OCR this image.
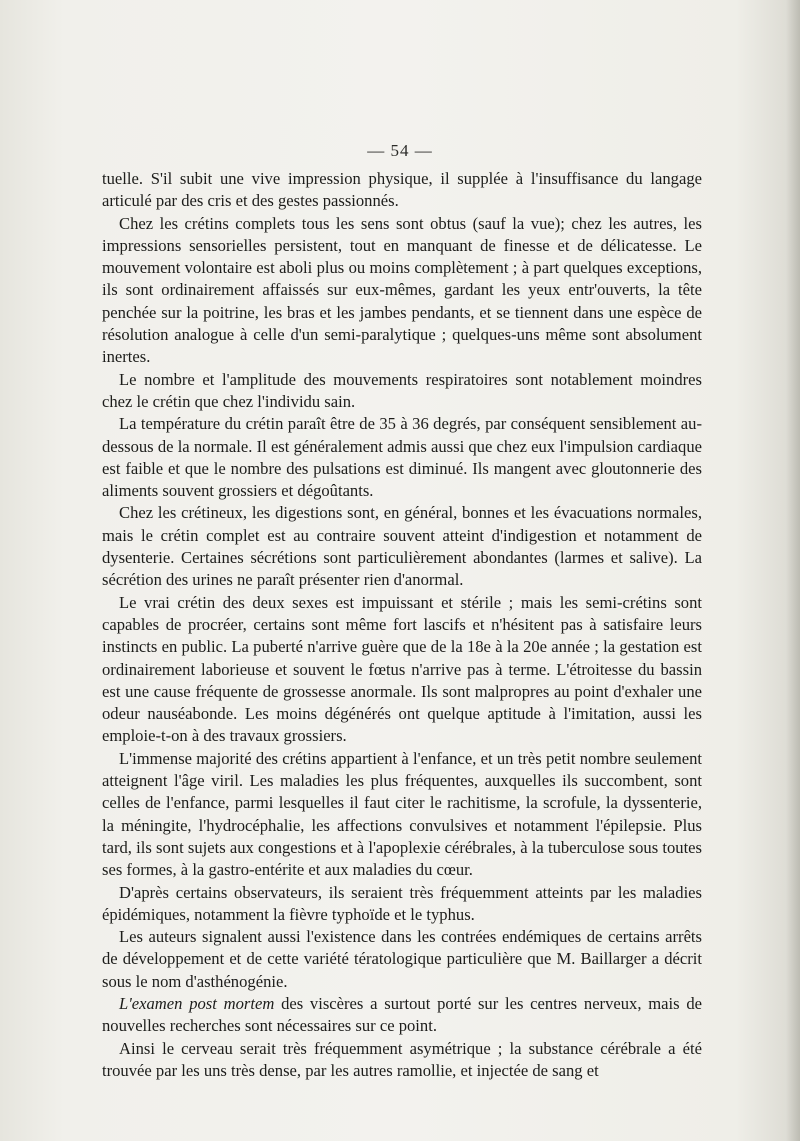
— 54 —

tuelle. S'il subit une vive impression physique, il supplée à l'insuffisance du langage articulé par des cris et des gestes passionnés.

Chez les crétins complets tous les sens sont obtus (sauf la vue); chez les autres, les impressions sensorielles persistent, tout en manquant de finesse et de délicatesse. Le mouvement volontaire est aboli plus ou moins complètement ; à part quelques exceptions, ils sont ordinairement affaissés sur eux-mêmes, gardant les yeux entr'ouverts, la tête penchée sur la poitrine, les bras et les jambes pendants, et se tiennent dans une espèce de résolution analogue à celle d'un semi-paralytique ; quelques-uns même sont absolument inertes.

Le nombre et l'amplitude des mouvements respiratoires sont notablement moindres chez le crétin que chez l'individu sain.

La température du crétin paraît être de 35 à 36 degrés, par conséquent sensiblement au-dessous de la normale. Il est généralement admis aussi que chez eux l'impulsion cardiaque est faible et que le nombre des pulsations est diminué. Ils mangent avec gloutonnerie des aliments souvent grossiers et dégoûtants.

Chez les crétineux, les digestions sont, en général, bonnes et les évacuations normales, mais le crétin complet est au contraire souvent atteint d'indigestion et notamment de dysenterie. Certaines sécrétions sont particulièrement abondantes (larmes et salive). La sécrétion des urines ne paraît présenter rien d'anormal.

Le vrai crétin des deux sexes est impuissant et stérile ; mais les semi-crétins sont capables de procréer, certains sont même fort lascifs et n'hésitent pas à satisfaire leurs instincts en public. La puberté n'arrive guère que de la 18e à la 20e année ; la gestation est ordinairement laborieuse et souvent le fœtus n'arrive pas à terme. L'étroitesse du bassin est une cause fréquente de grossesse anormale. Ils sont malpropres au point d'exhaler une odeur nauséabonde. Les moins dégénérés ont quelque aptitude à l'imitation, aussi les emploie-t-on à des travaux grossiers.

L'immense majorité des crétins appartient à l'enfance, et un très petit nombre seulement atteignent l'âge viril. Les maladies les plus fréquentes, auxquelles ils succombent, sont celles de l'enfance, parmi lesquelles il faut citer le rachitisme, la scrofule, la dyssenterie, la méningite, l'hydrocéphalie, les affections convulsives et notamment l'épilepsie. Plus tard, ils sont sujets aux congestions et à l'apoplexie cérébrales, à la tuberculose sous toutes ses formes, à la gastro-entérite et aux maladies du cœur.

D'après certains observateurs, ils seraient très fréquemment atteints par les maladies épidémiques, notamment la fièvre typhoïde et le typhus.

Les auteurs signalent aussi l'existence dans les contrées endémiques de certains arrêts de développement et de cette variété tératologique particulière que M. Baillarger a décrit sous le nom d'asthénogénie.

L'examen post mortem des viscères a surtout porté sur les centres nerveux, mais de nouvelles recherches sont nécessaires sur ce point.

Ainsi le cerveau serait très fréquemment asymétrique ; la substance cérébrale a été trouvée par les uns très dense, par les autres ramollie, et injectée de sang et
